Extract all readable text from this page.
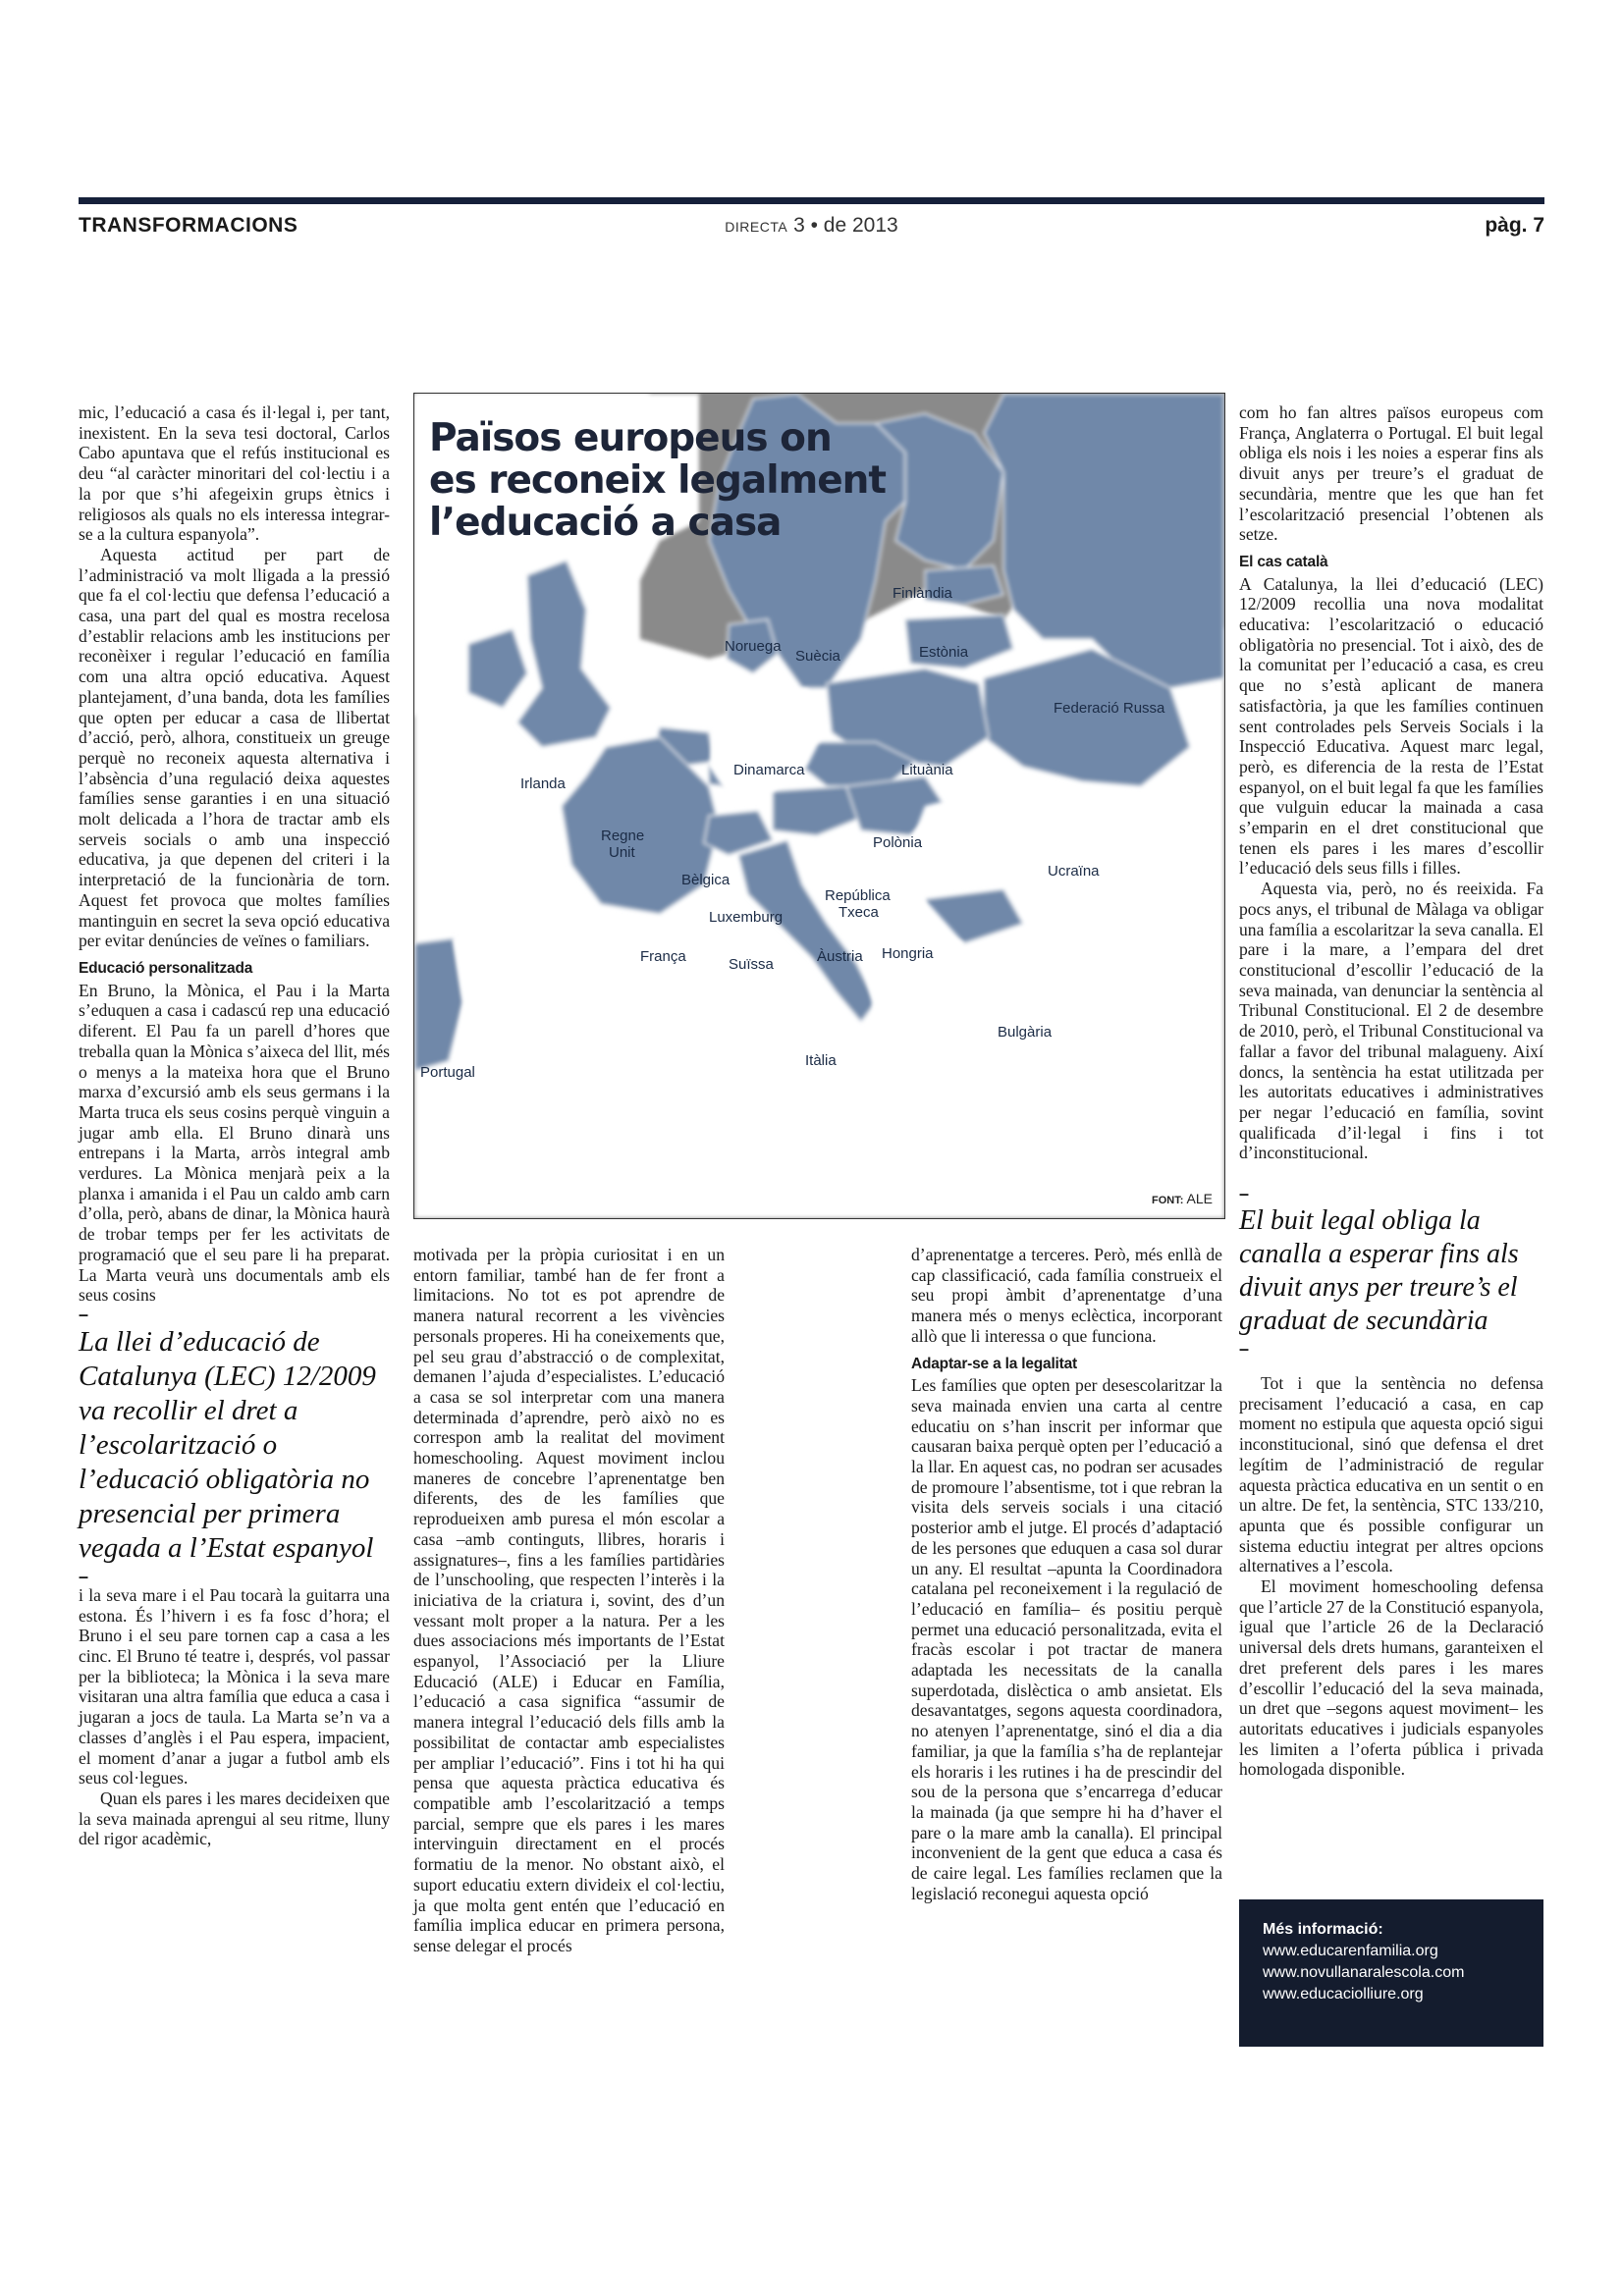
TRANSFORMACIONS	DIRECTA 3 • de 2013	pàg. 7

mic, l’educació a casa és il·legal i, per tant, inexistent. En la seva tesi doctoral, Carlos Cabo apuntava que el refús institucional es deu “al caràcter minoritari del col·lectiu i a la por que s’hi afegeixin grups ètnics i religiosos als quals no els interessa integrar-se a la cultura espanyola”.

Aquesta actitud per part de l’administració va molt lligada a la pressió que fa el col·lectiu que defensa l’educació a casa, una part del qual es mostra recelosa d’establir relacions amb les institucions per reconèixer i regular l’educació en família com una altra opció educativa. Aquest plantejament, d’una banda, dota les famílies que opten per educar a casa de llibertat d’acció, però, alhora, constitueix un greuge perquè no reconeix aquesta alternativa i l’absència d’una regulació deixa aquestes famílies sense garanties i en una situació molt delicada a l’hora de tractar amb els serveis socials o amb una inspecció educativa, ja que depenen del criteri i la interpretació de la funcionària de torn. Aquest fet provoca que moltes famílies mantinguin en secret la seva opció educativa per evitar denúncies de veïnes o familiars.

Educació personalitzada

En Bruno, la Mònica, el Pau i la Marta s’eduquen a casa i cadascú rep una educació diferent. El Pau fa un parell d’hores que treballa quan la Mònica s’aixeca del llit, més o menys a la mateixa hora que el Bruno marxa d’excursió amb els seus germans i la Marta truca els seus cosins perquè vinguin a jugar amb ella. El Bruno dinarà uns entrepans i la Marta, arròs integral amb verdures. La Mònica menjarà peix a la planxa i amanida i el Pau un caldo amb carn d’olla, però, abans de dinar, la Mònica haurà de trobar temps per fer les activitats de programació que el seu pare li ha preparat. La Marta veurà uns documentals amb els seus cosins

–
La llei d’educació de Catalunya (LEC) 12/2009 va recollir el dret a l’escolarització o l’educació obligatòria no presencial per primera vegada a l’Estat espanyol
–

i la seva mare i el Pau tocarà la guitarra una estona. És l’hivern i es fa fosc d’hora; el Bruno i el seu pare tornen cap a casa a les cinc. El Bruno té teatre i, després, vol passar per la biblioteca; la Mònica i la seva mare visitaran una altra família que educa a casa i jugaran a jocs de taula. La Marta se’n va a classes d’anglès i el Pau espera, impacient, el moment d’anar a jugar a futbol amb els seus col·legues.

Quan els pares i les mares decideixen que la seva mainada aprengui al seu ritme, lluny del rigor acadèmic,

Finlàndia
Noruega
Suècia	Estònia
Federació Russa
Irlanda
Dinamarca	Lituània
Regne Unit
Polònia
Bèlgica
República Txeca
Ucraïna
Luxemburg
França	Suïssa	Àustria Hongria
Bulgària
Itàlia
Portugal
Països europeus on
es reconeix legalment
l’educació a casa
FONT: ALE

motivada per la pròpia curiositat i en un entorn familiar, també han de fer front a limitacions. No tot es pot aprendre de manera natural recorrent a les vivències personals properes. Hi ha coneixements que, pel seu grau d’abstracció o de complexitat, demanen l’ajuda d’especialistes. L’educació a casa se sol interpretar com una manera determinada d’aprendre, però això no es correspon amb la realitat del moviment homeschooling. Aquest moviment inclou maneres de concebre l’aprenentatge ben diferents, des de les famílies que reprodueixen amb puresa el món escolar a casa –amb continguts, llibres, horaris i assignatures–, fins a les famílies partidàries de l’unschooling, que respecten l’interès i la iniciativa de la criatura i, sovint, des d’un vessant molt proper a la natura. Per a les dues associacions més importants de l’Estat espanyol, l’Associació per la Lliure Educació (ALE) i Educar en Família, l’educació a casa significa “assumir de manera integral l’educació dels fills amb la possibilitat de contactar amb especialistes per ampliar l’educació”. Fins i tot hi ha qui pensa que aquesta pràctica educativa és compatible amb l’escolarització a temps parcial, sempre que els pares i les mares intervinguin directament en el procés formatiu de la menor. No obstant això, el suport educatiu extern divideix el col·lectiu, ja que molta gent entén que l’educació en família implica educar en primera persona, sense delegar el procés

d’aprenentatge a terceres. Però, més enllà de cap classificació, cada família construeix el seu propi àmbit d’aprenentatge d’una manera més o menys eclèctica, incorporant allò que li interessa o que funciona.

Adaptar-se a la legalitat

Les famílies que opten per desescolaritzar la seva mainada envien una carta al centre educatiu on s’han inscrit per informar que causaran baixa perquè opten per l’educació a la llar. En aquest cas, no podran ser acusades de promoure l’absentisme, tot i que rebran la visita dels serveis socials i una citació posterior amb el jutge. El procés d’adaptació de les persones que eduquen a casa sol durar un any. El resultat –apunta la Coordinadora catalana pel reconeixement i la regulació de l’educació en família– és positiu perquè permet una educació personalitzada, evita el fracàs escolar i pot tractar de manera adaptada les necessitats de la canalla superdotada, dislèctica o amb ansietat. Els desavantatges, segons aquesta coordinadora, no atenyen l’aprenentatge, sinó el dia a dia familiar, ja que la família s’ha de replantejar els horaris i les rutines i ha de prescindir del sou de la persona que s’encarrega d’educar la mainada (ja que sempre hi ha d’haver el pare o la mare amb la canalla). El principal inconvenient de la gent que educa a casa és de caire legal. Les famílies reclamen que la legislació reconegui aquesta opció

com ho fan altres països europeus com França, Anglaterra o Portugal. El buit legal obliga els nois i les noies a esperar fins als divuit anys per treure’s el graduat de secundària, mentre que les que han fet l’escolarització presencial l’obtenen als setze.

El cas català

A Catalunya, la llei d’educació (LEC) 12/2009 recollia una nova modalitat educativa: l’escolarització o educació obligatòria no presencial. Tot i això, des de la comunitat per l’educació a casa, es creu que no s’està aplicant de manera satisfactòria, ja que les famílies continuen sent controlades pels Serveis Socials i la Inspecció Educativa. Aquest marc legal, però, es diferencia de la resta de l’Estat espanyol, on el buit legal fa que les famílies que vulguin educar la mainada a casa s’emparin en el dret constitucional que tenen els pares i les mares d’escollir l’educació dels seus fills i filles.

Aquesta via, però, no és reeixida. Fa pocs anys, el tribunal de Màlaga va obligar una família a escolaritzar la seva canalla. El pare i la mare, a l’empara del dret constitucional d’escollir l’educació de la seva mainada, van denunciar la sentència al Tribunal Constitucional. El 2 de desembre de 2010, però, el Tribunal Constitucional va fallar a favor del tribunal malagueny. Així doncs, la sentència ha estat utilitzada per les autoritats educatives i administratives per negar l’educació en família, sovint qualificada d’il·legal i fins i tot d’inconstitucional.

–
El buit legal obliga la canalla a esperar fins als divuit anys per treure’s el graduat de secundària
–

Tot i que la sentència no defensa precisament l’educació a casa, en cap moment no estipula que aquesta opció sigui inconstitucional, sinó que defensa el dret legítim de l’administració de regular aquesta pràctica educativa en un sentit o en un altre. De fet, la sentència, STC 133/210, apunta que és possible configurar un sistema eductiu integrat per altres opcions alternatives a l’escola.

El moviment homeschooling defensa que l’article 27 de la Constitució espanyola, igual que l’article 26 de la Declaració universal dels drets humans, garanteixen el dret preferent dels pares i les mares d’escollir l’educació del la seva mainada, un dret que –segons aquest moviment– les autoritats educatives i judicials espanyoles les limiten a l’oferta pública i privada homologada disponible.

Més informació:
www.educarenfamilia.org
www.novullanaralescola.com
www.educaciolliure.org
